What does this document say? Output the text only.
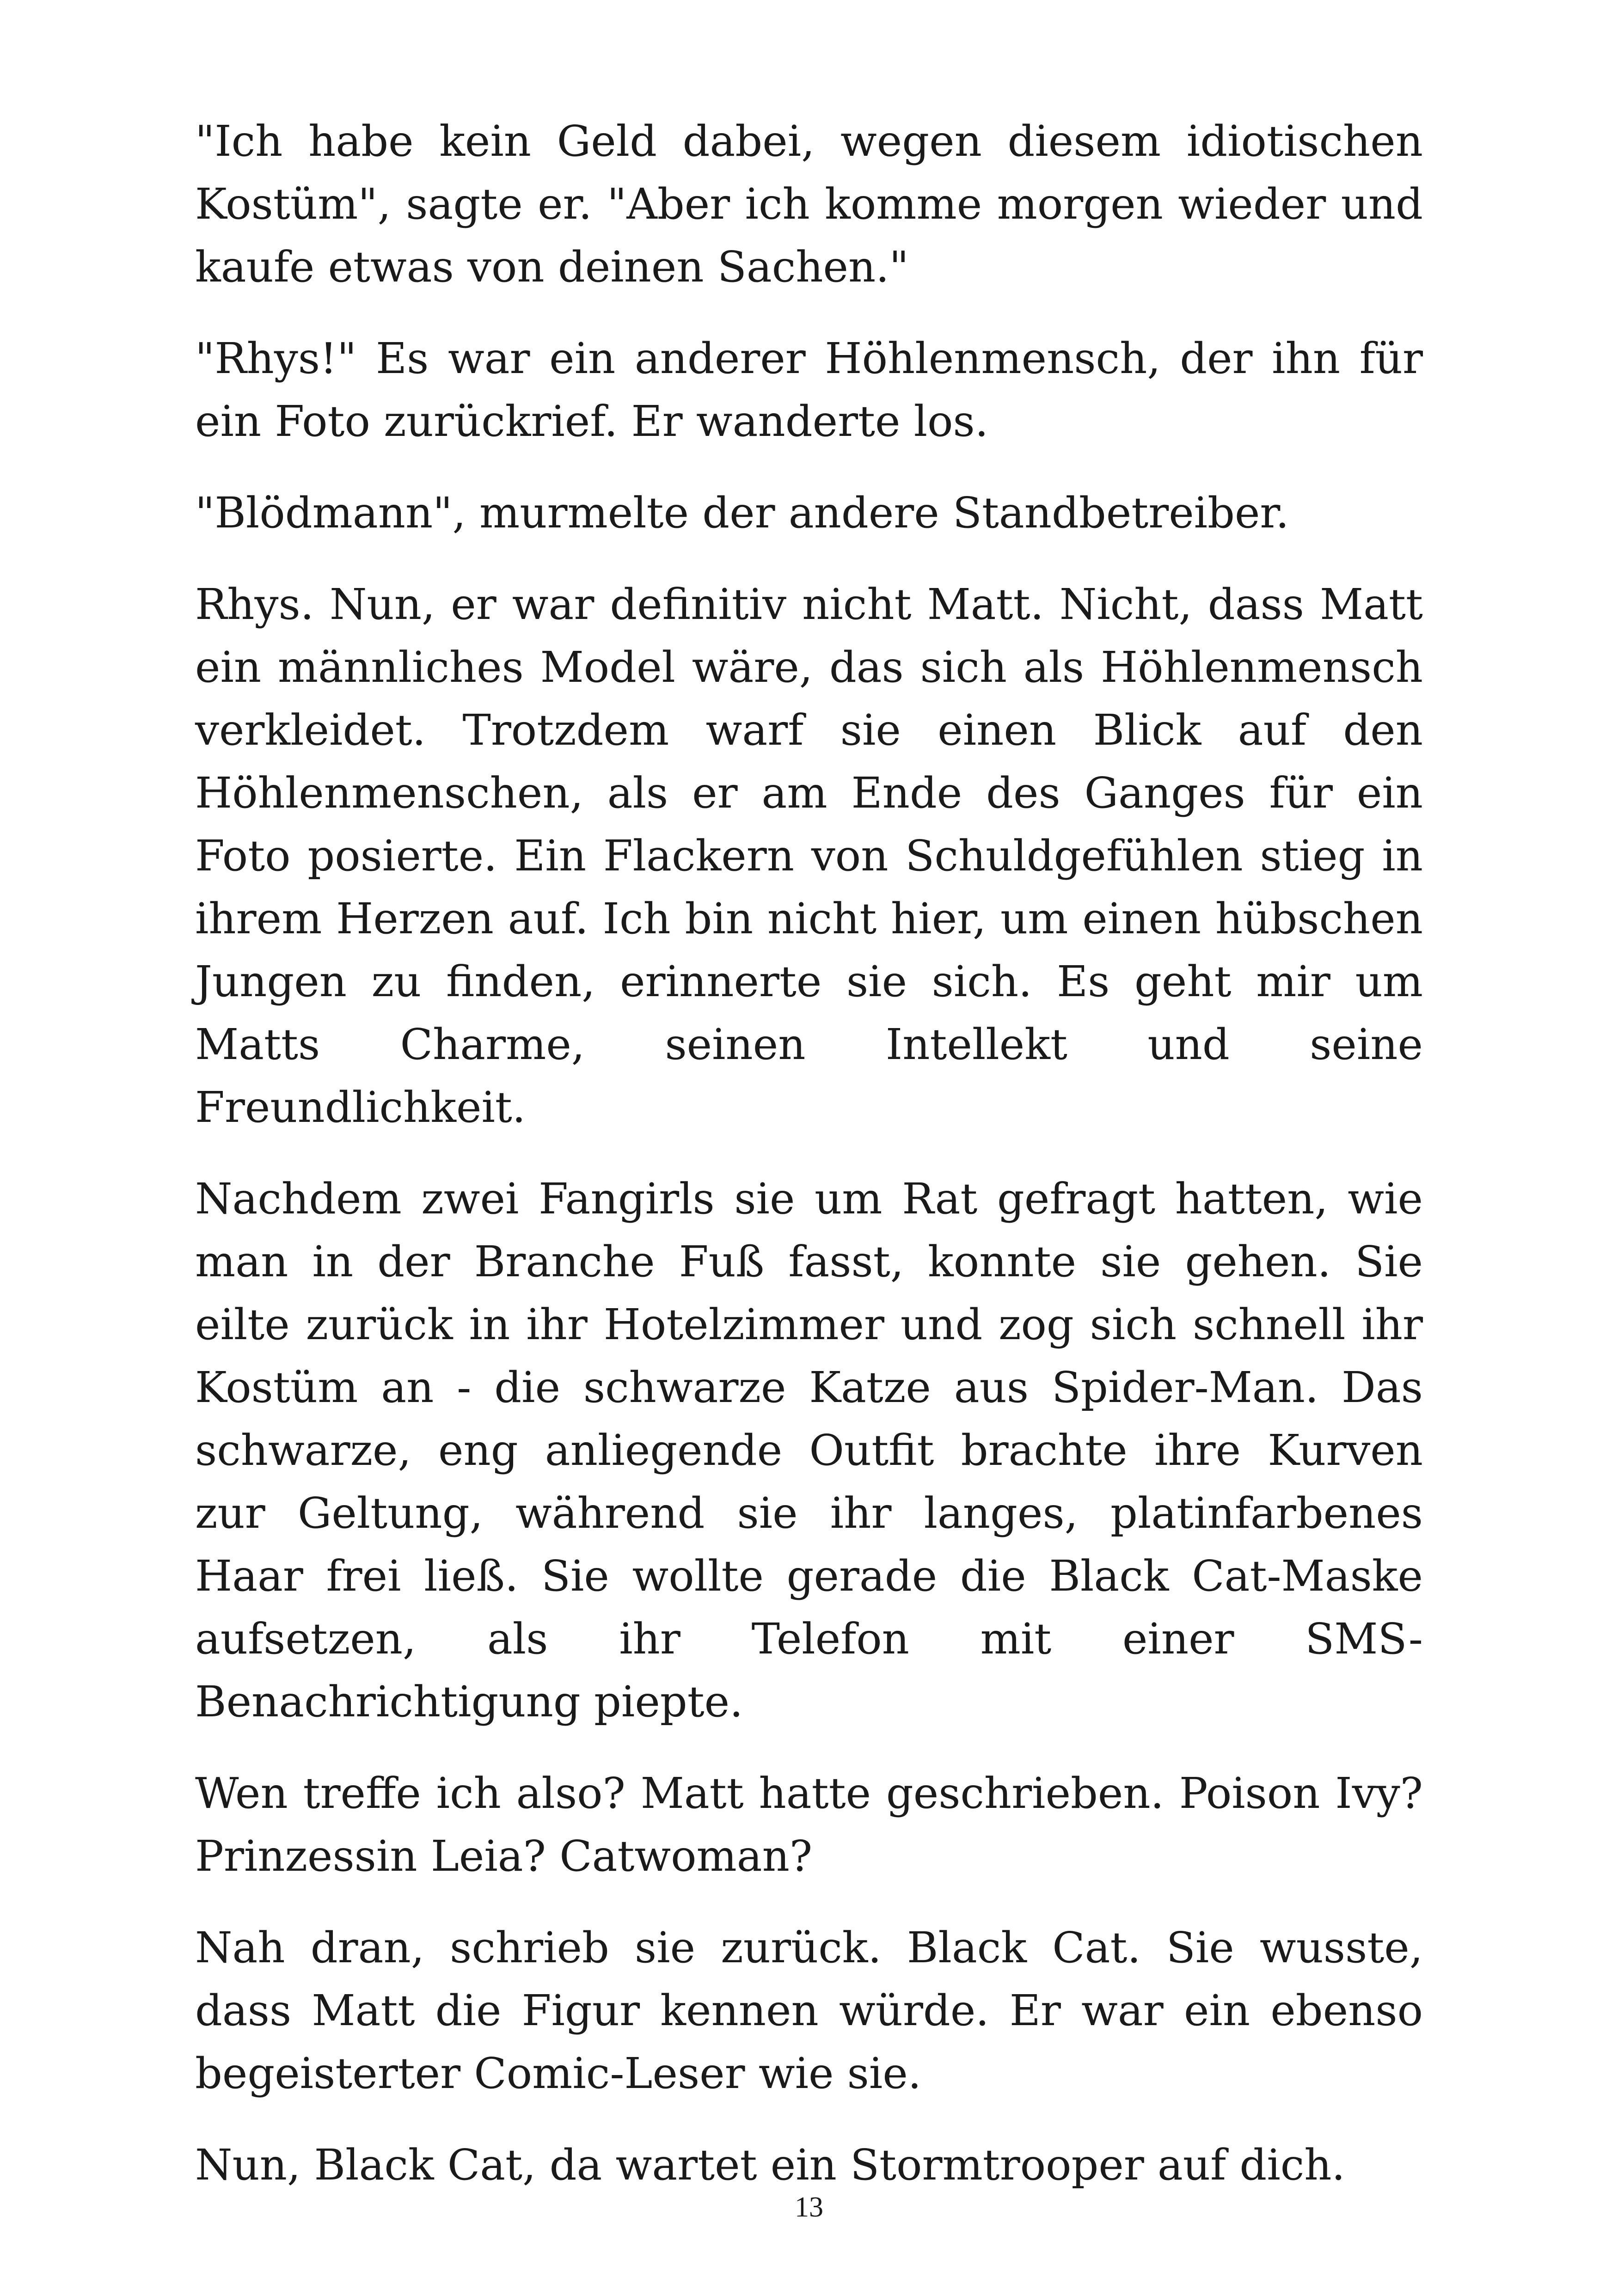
"Ich habe kein Geld dabei, wegen diesem idiotischen Kostüm", sagte er. "Aber ich komme morgen wieder und kaufe etwas von deinen Sachen."

"Rhys!" Es war ein anderer Höhlenmensch, der ihn für ein Foto zurückrief. Er wanderte los.

"Blödmann", murmelte der andere Standbetreiber.

Rhys. Nun, er war definitiv nicht Matt. Nicht, dass Matt ein männliches Model wäre, das sich als Höhlenmensch verkleidet. Trotzdem warf sie einen Blick auf den Höhlenmenschen, als er am Ende des Ganges für ein Foto posierte. Ein Flackern von Schuldgefühlen stieg in ihrem Herzen auf. Ich bin nicht hier, um einen hübschen Jungen zu finden, erinnerte sie sich. Es geht mir um Matts Charme, seinen Intellekt und seine Freundlichkeit.

Nachdem zwei Fangirls sie um Rat gefragt hatten, wie man in der Branche Fuß fasst, konnte sie gehen. Sie eilte zurück in ihr Hotelzimmer und zog sich schnell ihr Kostüm an - die schwarze Katze aus Spider-Man. Das schwarze, eng anliegende Outfit brachte ihre Kurven zur Geltung, während sie ihr langes, platinfarbenes Haar frei ließ. Sie wollte gerade die Black Cat-Maske aufsetzen, als ihr Telefon mit einer SMS-Benachrichtigung piepte.

Wen treffe ich also? Matt hatte geschrieben. Poison Ivy? Prinzessin Leia? Catwoman?

Nah dran, schrieb sie zurück. Black Cat. Sie wusste, dass Matt die Figur kennen würde. Er war ein ebenso begeisterter Comic-Leser wie sie.

Nun, Black Cat, da wartet ein Stormtrooper auf dich.

13
